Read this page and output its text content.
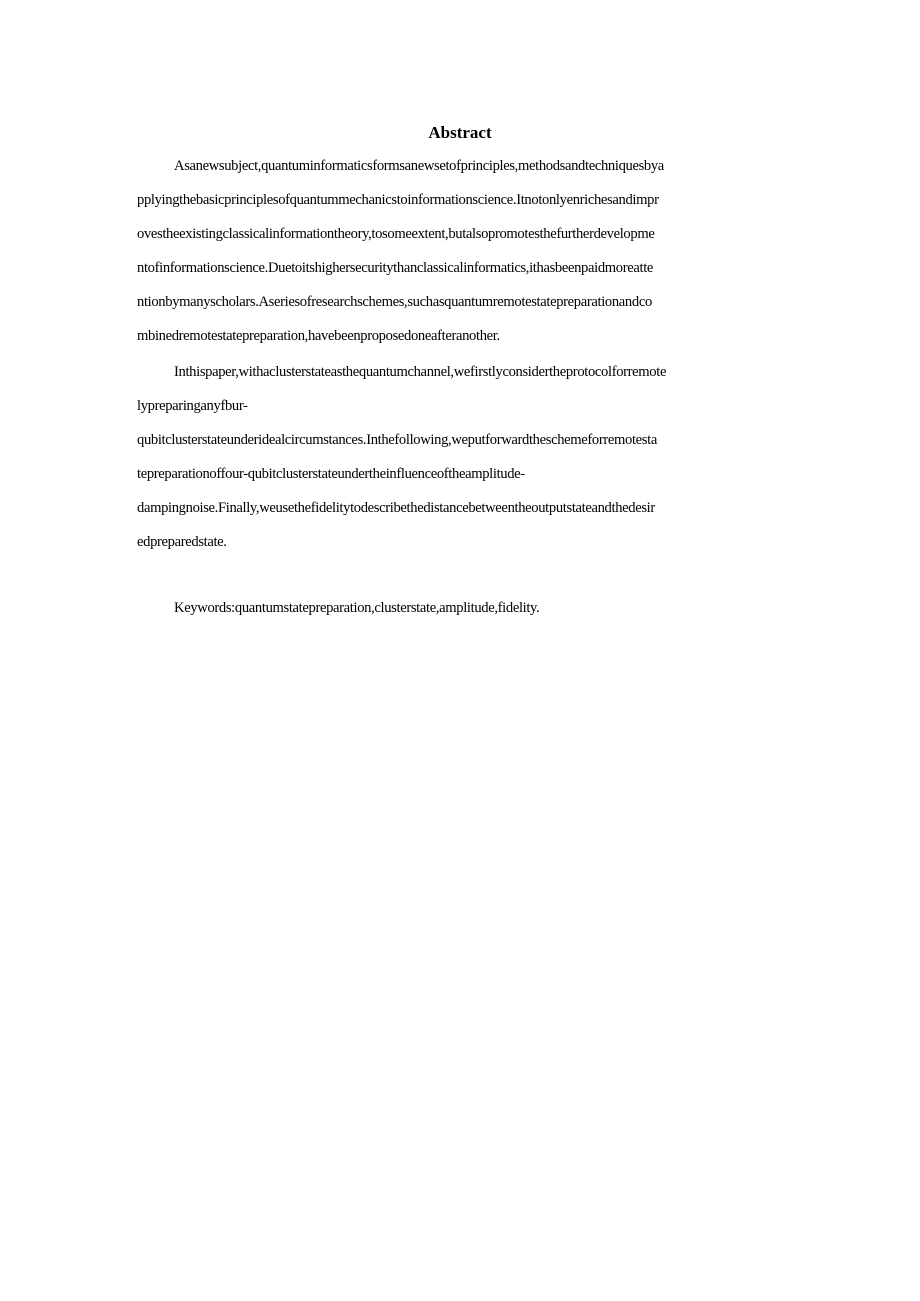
Abstract
Asanewsubject,quantuminformaticsformsanewsetofprinciples,methodsandtechniquesbya
pplyingthebasicprinciplesofquantummechanicstoinformationscience.Itnotonlyenrichesandimpr
ovestheexistingclassicalinformationtheory,tosomeextent,butalsopromotesthefurtherdevelopme
ntofinformationscience.Duetoitshighersecuritythanclassicalinformatics,ithasbeenpaidmoreatte
ntionbymanyscholars.Aseriesofresearchschemes,suchasquantumremotestatepreparationandco
mbinedremotestatepreparation,havebeenproposedoneafteranother.
Inthispaper,withaclusterstateasthequantumchannel,wefirstlyconsidertheprotocolforremote
lypreparinganyfbur-
qubitclusterstateunderidealcircumstances.Inthefollowing,weputforwardtheschemeforremotesta
tepreparationoffour-qubitclusterstateundertheinfluenceoftheamplitude-
dampingnoise.Finally,weusethefidelitytodescribethedistancebetweentheoutputstateandthedesir
edpreparedstate.
Keywords:quantumstatepreparation,clusterstate,amplitude,fidelity.
